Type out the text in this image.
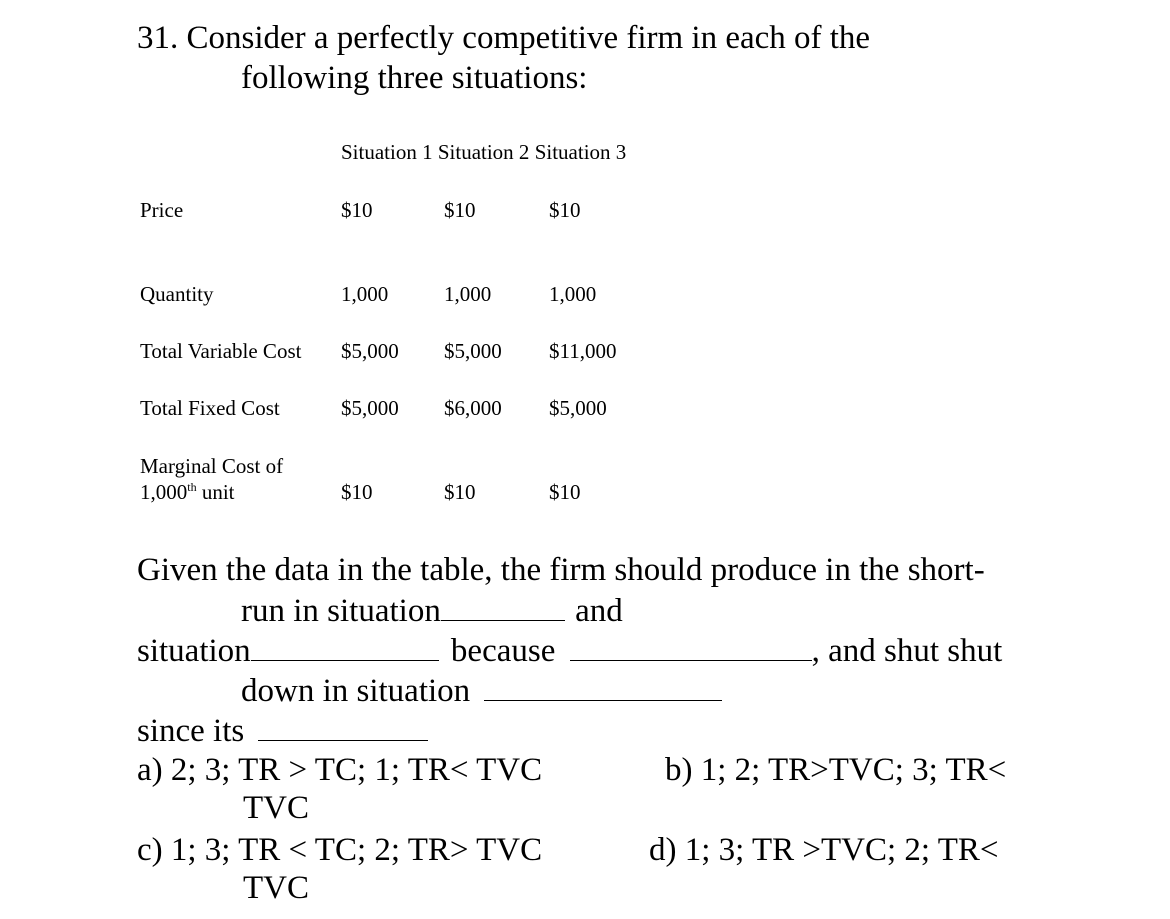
31. Consider a perfectly competitive firm in each of the
following three situations:
Situation 1 Situation 2 Situation 3
Price	$10	$10	$10
Quantity	1,000	1,000	1,000
Total Variable Cost $5,000 $5,000 $11,000
Total Fixed Cost	$5,000 $6,000 $5,000
Marginal Cost of
1,000th unit	$10	$10	$10
Given the data in the table, the firm should produce in the short-
run in situation	and
situation	because	, and shut shut
down in situation
since its
a) 2; 3; TR > TC; 1; TR< TVC
TVC
b) 1; 2; TR>TVC; 3; TR<
c) 1; 3; TR < TC; 2; TR> TVC
TVC
d) 1; 3; TR >TVC; 2; TR<
